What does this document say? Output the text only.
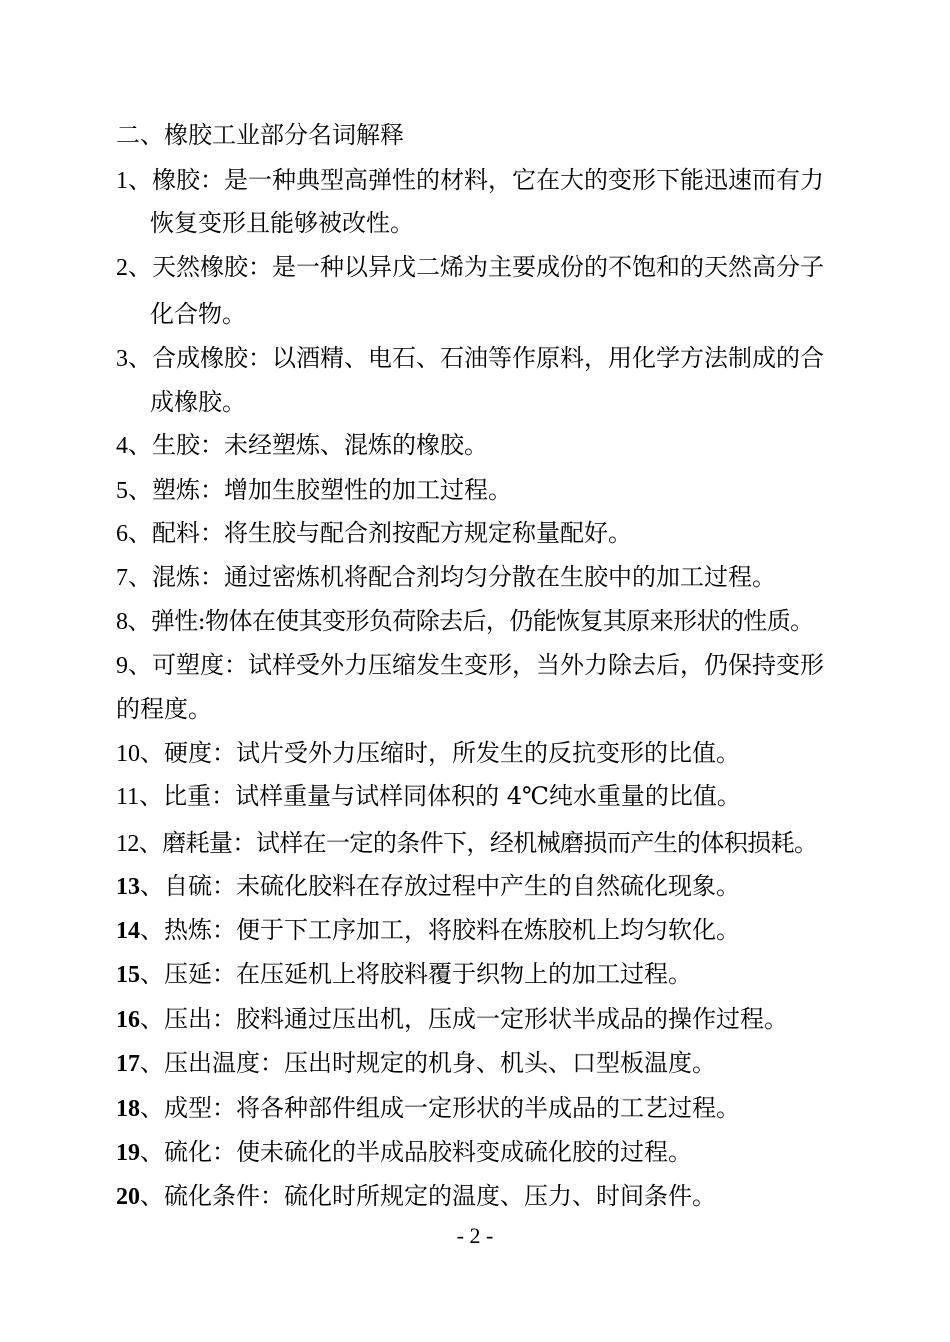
二、橡胶工业部分名词解释
1、橡胶：是一种典型高弹性的材料，它在大的变形下能迅速而有力
恢复变形且能够被改性。
2、天然橡胶：是一种以异戊二烯为主要成份的不饱和的天然高分子
化合物。
3、合成橡胶：以酒精、电石、石油等作原料，用化学方法制成的合
成橡胶。
4、生胶：未经塑炼、混炼的橡胶。
5、塑炼：增加生胶塑性的加工过程。
6、配料：将生胶与配合剂按配方规定称量配好。
7、混炼：通过密炼机将配合剂均匀分散在生胶中的加工过程。
8、弹性:物体在使其变形负荷除去后，仍能恢复其原来形状的性质。
9、可塑度：试样受外力压缩发生变形，当外力除去后，仍保持变形
的程度。
10、硬度：试片受外力压缩时，所发生的反抗变形的比值。
11、比重：试样重量与试样同体积的 4℃纯水重量的比值。
12、磨耗量：试样在一定的条件下，经机械磨损而产生的体积损耗。
13、自硫：未硫化胶料在存放过程中产生的自然硫化现象。
14、热炼：便于下工序加工，将胶料在炼胶机上均匀软化。
15、压延：在压延机上将胶料覆于织物上的加工过程。
16、压出：胶料通过压出机，压成一定形状半成品的操作过程。
17、压出温度：压出时规定的机身、机头、口型板温度。
18、成型：将各种部件组成一定形状的半成品的工艺过程。
19、硫化：使未硫化的半成品胶料变成硫化胶的过程。
20、硫化条件：硫化时所规定的温度、压力、时间条件。
- 2 -
